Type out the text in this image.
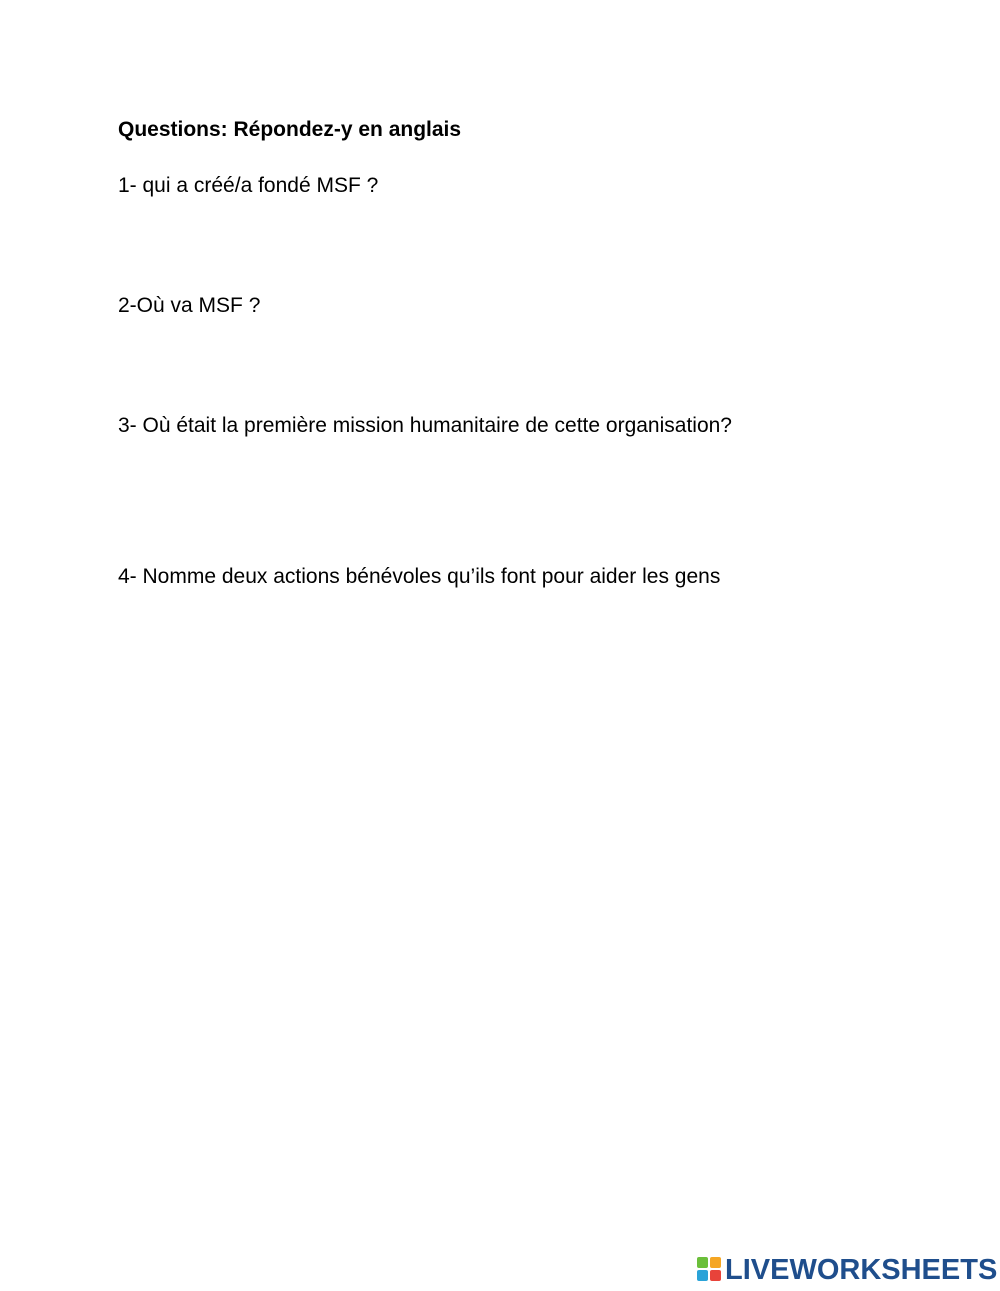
Questions: Répondez-y en anglais
1- qui a créé/a fondé MSF ?
2-Où va MSF ?
3- Où était la première mission humanitaire de cette organisation?
4- Nomme deux actions bénévoles qu’ils font pour aider les gens
LIVEWORKSHEETS
